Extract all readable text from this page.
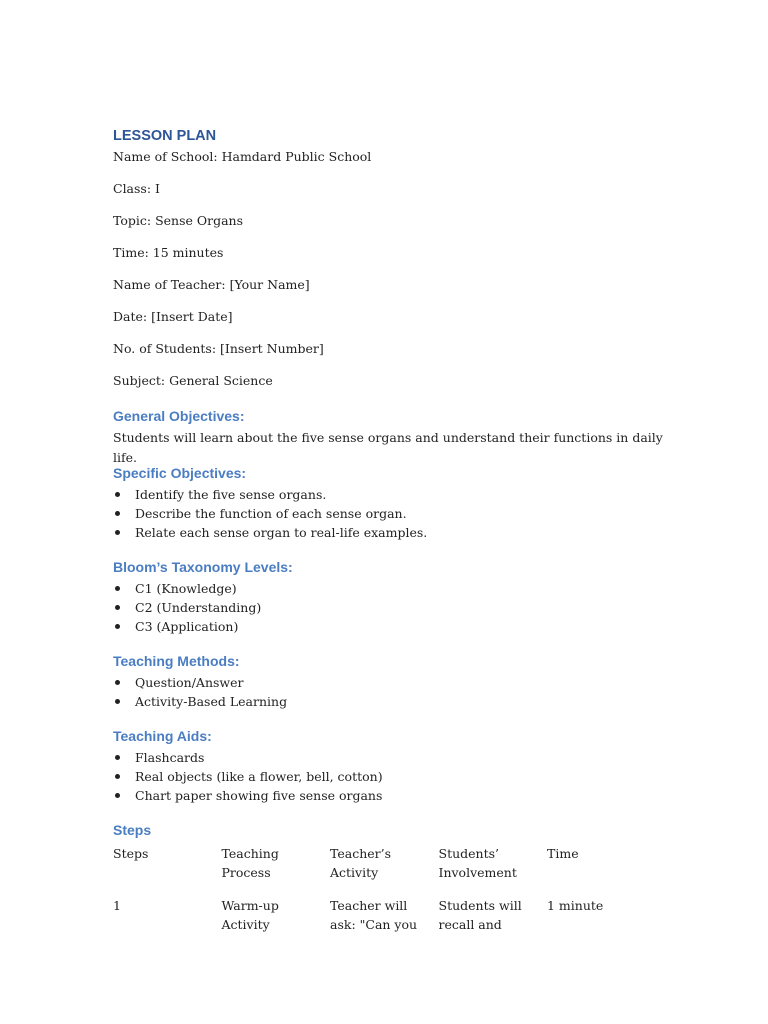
LESSON PLAN

Name of School: Hamdard Public School

Class: I

Topic: Sense Organs

Time: 15 minutes

Name of Teacher: [Your Name]

Date: [Insert Date]

No. of Students: [Insert Number]

Subject: General Science

General Objectives:

Students will learn about the five sense organs and understand their functions in daily life.

Specific Objectives:
Identify the five sense organs.
Describe the function of each sense organ.
Relate each sense organ to real-life examples.
Bloom’s Taxonomy Levels:
C1 (Knowledge)
C2 (Understanding)
C3 (Application)
Teaching Methods:
Question/Answer
Activity-Based Learning
Teaching Aids:
Flashcards
Real objects (like a flower, bell, cotton)
Chart paper showing five sense organs
Steps
Steps	Teaching
Process
Teacher’s
Activity
Students’
Involvement
Time
1	Warm-up
Activity
Teacher will
ask: "Can you
Students will
recall and
1 minute
